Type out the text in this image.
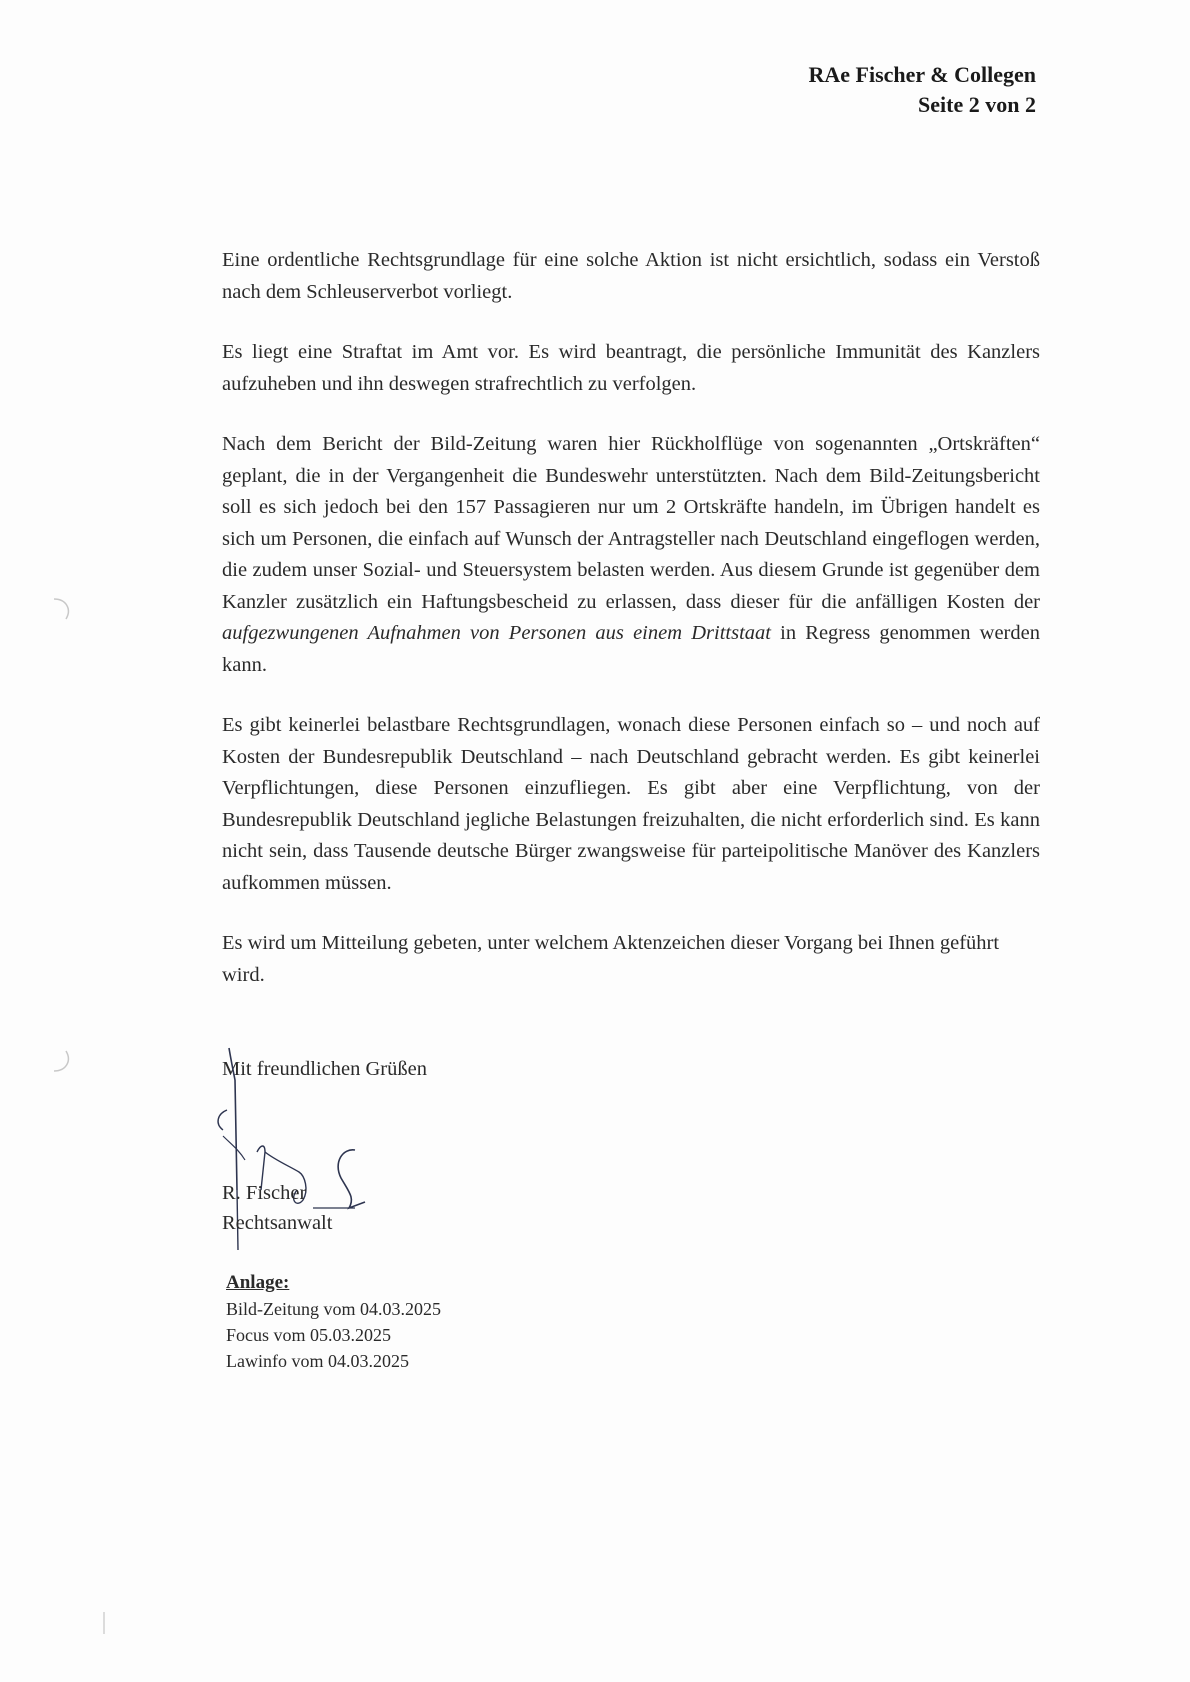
RAe Fischer & Collegen
Seite 2 von 2

Eine ordentliche Rechtsgrundlage für eine solche Aktion ist nicht ersichtlich, sodass ein Verstoß nach dem Schleuserverbot vorliegt.

Es liegt eine Straftat im Amt vor. Es wird beantragt, die persönliche Immunität des Kanzlers aufzuheben und ihn deswegen strafrechtlich zu verfolgen.

Nach dem Bericht der Bild-Zeitung waren hier Rückholflüge von sogenannten „Ortskräften“ geplant, die in der Vergangenheit die Bundeswehr unterstützten. Nach dem Bild-Zeitungsbericht soll es sich jedoch bei den 157 Passagieren nur um 2 Ortskräfte handeln, im Übrigen handelt es sich um Personen, die einfach auf Wunsch der Antragsteller nach Deutschland eingeflogen werden, die zudem unser Sozial- und Steuersystem belasten werden. Aus diesem Grunde ist gegenüber dem Kanzler zusätzlich ein Haftungsbescheid zu erlassen, dass dieser für die anfälligen Kosten der aufgezwungenen Aufnahmen von Personen aus einem Drittstaat in Regress genommen werden kann.

Es gibt keinerlei belastbare Rechtsgrundlagen, wonach diese Personen einfach so – und noch auf Kosten der Bundesrepublik Deutschland – nach Deutschland gebracht werden. Es gibt keinerlei Verpflichtungen, diese Personen einzufliegen. Es gibt aber eine Verpflichtung, von der Bundesrepublik Deutschland jegliche Belastungen freizuhalten, die nicht erforderlich sind. Es kann nicht sein, dass Tausende deutsche Bürger zwangsweise für parteipolitische Manöver des Kanzlers aufkommen müssen.

Es wird um Mitteilung gebeten, unter welchem Aktenzeichen dieser Vorgang bei Ihnen geführt wird.

Mit freundlichen Grüßen
R. Fischer
Rechtsanwalt
Anlage:
Bild-Zeitung vom 04.03.2025
Focus vom 05.03.2025
Lawinfo vom 04.03.2025
